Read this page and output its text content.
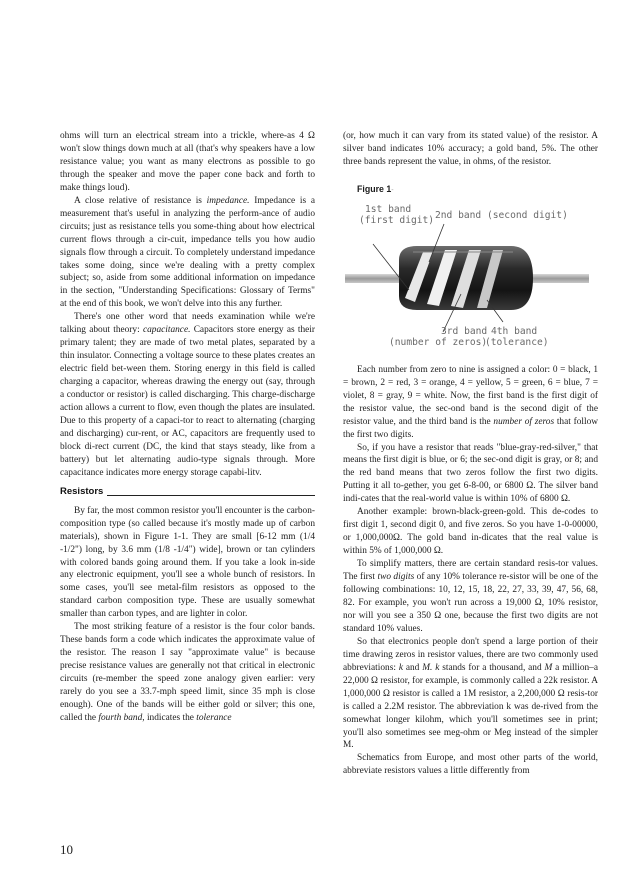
ohms will turn an electrical stream into a trickle, where-as 4 Ω won't slow things down much at all (that's why speakers have a low resistance value; you want as many electrons as possible to go through the speaker and move the paper cone back and forth to make things loud).

A close relative of resistance is impedance. Impedance is a measurement that's useful in analyzing the perform-ance of audio circuits; just as resistance tells you some-thing about how electrical current flows through a cir-cuit, impedance tells you how audio signals flow through a circuit. To completely understand impedance takes some doing, since we're dealing with a pretty complex subject; so, aside from some additional information on impedance in the section, "Understanding Specifications: Glossary of Terms" at the end of this book, we won't delve into this any further.

There's one other word that needs examination while we're talking about theory: capacitance. Capacitors store energy as their primary talent; they are made of two metal plates, separated by a thin insulator. Connecting a voltage source to these plates creates an electric field bet-ween them. Storing energy in this field is called charging a capacitor, whereas drawing the energy out (say, through a conductor or resistor) is called discharging. This charge-discharge action allows a current to flow, even though the plates are insulated. Due to this property of a capaci-tor to react to alternating (charging and discharging) cur-rent, or AC, capacitors are frequently used to block di-rect current (DC, the kind that stays steady, like from a battery) but let alternating audio-type signals through. More capacitance indicates more energy storage capabi-litv.

Resistors

By far, the most common resistor you'll encounter is the carbon-composition type (so called because it's mostly made up of carbon materials), shown in Figure 1-1. They are small [6-12 mm (1/4 -1/2") long, by 3.6 mm (1/8 -1/4") wide], brown or tan cylinders with colored bands going around them. If you take a look in-side any electronic equipment, you'll see a whole bunch of resistors. In some cases, you'll see metal-film resistors as opposed to the standard carbon composition type. These are usually somewhat smaller than carbon types, and are lighter in color.

The most striking feature of a resistor is the four color bands. These bands form a code which indicates the approximate value of the resistor. The reason I say "approximate value" is because precise resistance values are generally not that critical in electronic circuits (re-member the speed zone analogy given earlier: very rarely do you see a 33.7-mph speed limit, since 35 mph is close enough). One of the bands will be either gold or silver; this one, called the fourth band, indicates the tolerance

(or, how much it can vary from its stated value) of the resistor. A silver band indicates 10% accuracy; a gold band, 5%. The other three bands represent the value, in ohms, of the resistor.

Figure 1-
1st band
(first digit) 2nd band (second digit)
3rd band
(number of zeros)
4th band
(tolerance)

Each number from zero to nine is assigned a color: 0 = black, 1 = brown, 2 = red, 3 = orange, 4 = yellow, 5 = green, 6 = blue, 7 = violet, 8 = gray, 9 = white. Now, the first band is the first digit of the resistor value, the sec-ond band is the second digit of the resistor value, and the third band is the number of zeros that follow the first two digits.

So, if you have a resistor that reads "blue-gray-red-silver," that means the first digit is blue, or 6; the sec-ond digit is gray, or 8; and the red band means that two zeros follow the first two digits. Putting it all to-gether, you get 6-8-00, or 6800 Ω. The silver band indi-cates that the real-world value is within 10% of 6800 Ω.

Another example: brown-black-green-gold. This de-codes to first digit 1, second digit 0, and five zeros. So you have 1-0-00000, or 1,000,000Ω. The gold band in-dicates that the real value is within 5% of 1,000,000 Ω.

To simplify matters, there are certain standard resis-tor values. The first two digits of any 10% tolerance re-sistor will be one of the following combinations: 10, 12, 15, 18, 22, 27, 33, 39, 47, 56, 68, 82. For example, you won't run across a 19,000 Ω, 10% resistor, nor will you see a 350 Ω one, because the first two digits are not standard 10% values.

So that electronics people don't spend a large portion of their time drawing zeros in resistor values, there are two commonly used abbreviations: k and M. k stands for a thousand, and M a million–a 22,000 Ω resistor, for example, is commonly called a 22k resistor. A 1,000,000 Ω resistor is called a 1M resistor, a 2,200,000 Ω resis-tor is called a 2.2M resistor. The abbreviation k was de-rived from the somewhat longer kilohm, which you'll sometimes see in print; you'll also sometimes see meg-ohm or Meg instead of the simpler M.

Schematics from Europe, and most other parts of the world, abbreviate resistors values a little differently from

10
